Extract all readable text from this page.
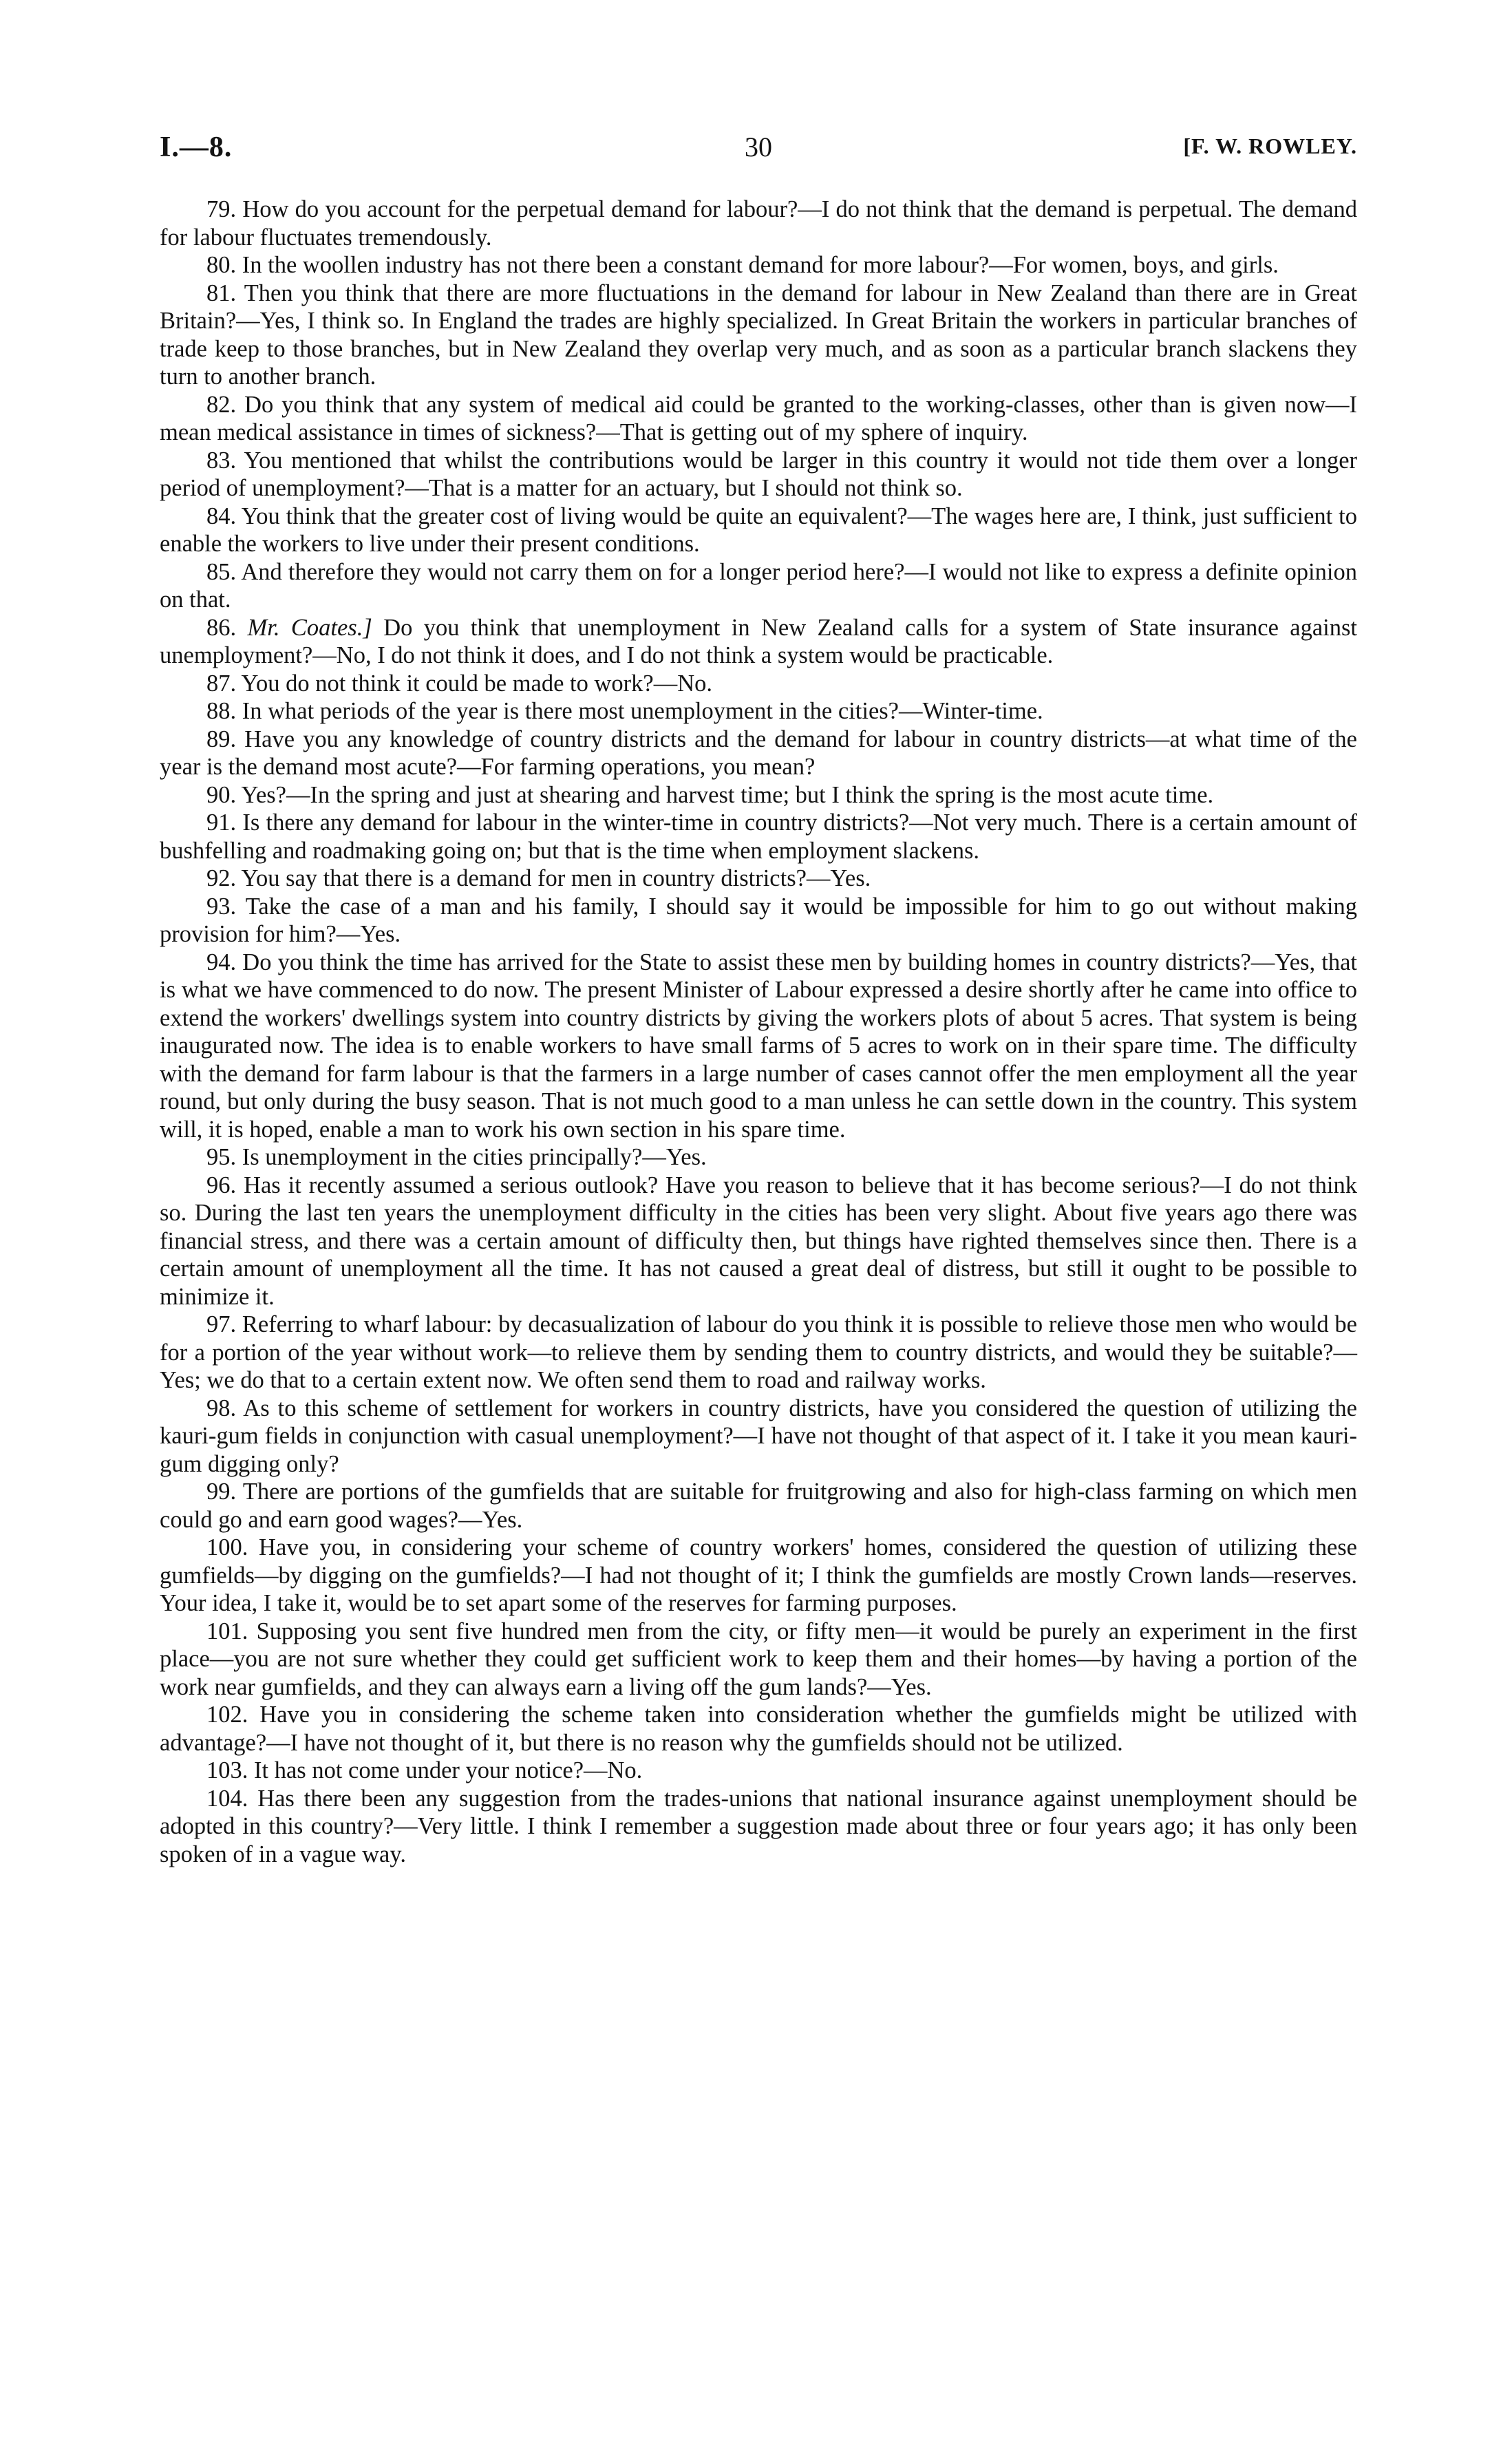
I.—8.	30	[F. W. ROWLEY.

79. How do you account for the perpetual demand for labour?—I do not think that the demand is perpetual. The demand for labour fluctuates tremendously.

80. In the woollen industry has not there been a constant demand for more labour?—For women, boys, and girls.

81. Then you think that there are more fluctuations in the demand for labour in New Zealand than there are in Great Britain?—Yes, I think so. In England the trades are highly specialized. In Great Britain the workers in particular branches of trade keep to those branches, but in New Zealand they overlap very much, and as soon as a particular branch slackens they turn to another branch.

82. Do you think that any system of medical aid could be granted to the working-classes, other than is given now—I mean medical assistance in times of sickness?—That is getting out of my sphere of inquiry.

83. You mentioned that whilst the contributions would be larger in this country it would not tide them over a longer period of unemployment?—That is a matter for an actuary, but I should not think so.

84. You think that the greater cost of living would be quite an equivalent?—The wages here are, I think, just sufficient to enable the workers to live under their present conditions.

85. And therefore they would not carry them on for a longer period here?—I would not like to express a definite opinion on that.

86. Mr. Coates.] Do you think that unemployment in New Zealand calls for a system of State insurance against unemployment?—No, I do not think it does, and I do not think a system would be practicable.

87. You do not think it could be made to work?—No.

88. In what periods of the year is there most unemployment in the cities?—Winter-time.

89. Have you any knowledge of country districts and the demand for labour in country districts—at what time of the year is the demand most acute?—For farming operations, you mean?

90. Yes?—In the spring and just at shearing and harvest time; but I think the spring is the most acute time.

91. Is there any demand for labour in the winter-time in country districts?—Not very much. There is a certain amount of bushfelling and roadmaking going on; but that is the time when employment slackens.

92. You say that there is a demand for men in country districts?—Yes.

93. Take the case of a man and his family, I should say it would be impossible for him to go out without making provision for him?—Yes.

94. Do you think the time has arrived for the State to assist these men by building homes in country districts?—Yes, that is what we have commenced to do now. The present Minister of Labour expressed a desire shortly after he came into office to extend the workers' dwellings system into country districts by giving the workers plots of about 5 acres. That system is being inaugurated now. The idea is to enable workers to have small farms of 5 acres to work on in their spare time. The difficulty with the demand for farm labour is that the farmers in a large number of cases cannot offer the men employment all the year round, but only during the busy season. That is not much good to a man unless he can settle down in the country. This system will, it is hoped, enable a man to work his own section in his spare time.

95. Is unemployment in the cities principally?—Yes.

96. Has it recently assumed a serious outlook? Have you reason to believe that it has become serious?—I do not think so. During the last ten years the unemployment difficulty in the cities has been very slight. About five years ago there was financial stress, and there was a certain amount of difficulty then, but things have righted themselves since then. There is a certain amount of unemployment all the time. It has not caused a great deal of distress, but still it ought to be possible to minimize it.

97. Referring to wharf labour: by decasualization of labour do you think it is possible to relieve those men who would be for a portion of the year without work—to relieve them by sending them to country districts, and would they be suitable?—Yes; we do that to a certain extent now. We often send them to road and railway works.

98. As to this scheme of settlement for workers in country districts, have you considered the question of utilizing the kauri-gum fields in conjunction with casual unemployment?—I have not thought of that aspect of it. I take it you mean kauri-gum digging only?

99. There are portions of the gumfields that are suitable for fruitgrowing and also for high-class farming on which men could go and earn good wages?—Yes.

100. Have you, in considering your scheme of country workers' homes, considered the question of utilizing these gumfields—by digging on the gumfields?—I had not thought of it; I think the gumfields are mostly Crown lands—reserves. Your idea, I take it, would be to set apart some of the reserves for farming purposes.

101. Supposing you sent five hundred men from the city, or fifty men—it would be purely an experiment in the first place—you are not sure whether they could get sufficient work to keep them and their homes—by having a portion of the work near gumfields, and they can always earn a living off the gum lands?—Yes.

102. Have you in considering the scheme taken into consideration whether the gumfields might be utilized with advantage?—I have not thought of it, but there is no reason why the gumfields should not be utilized.

103. It has not come under your notice?—No.

104. Has there been any suggestion from the trades-unions that national insurance against unemployment should be adopted in this country?—Very little. I think I remember a suggestion made about three or four years ago; it has only been spoken of in a vague way.
